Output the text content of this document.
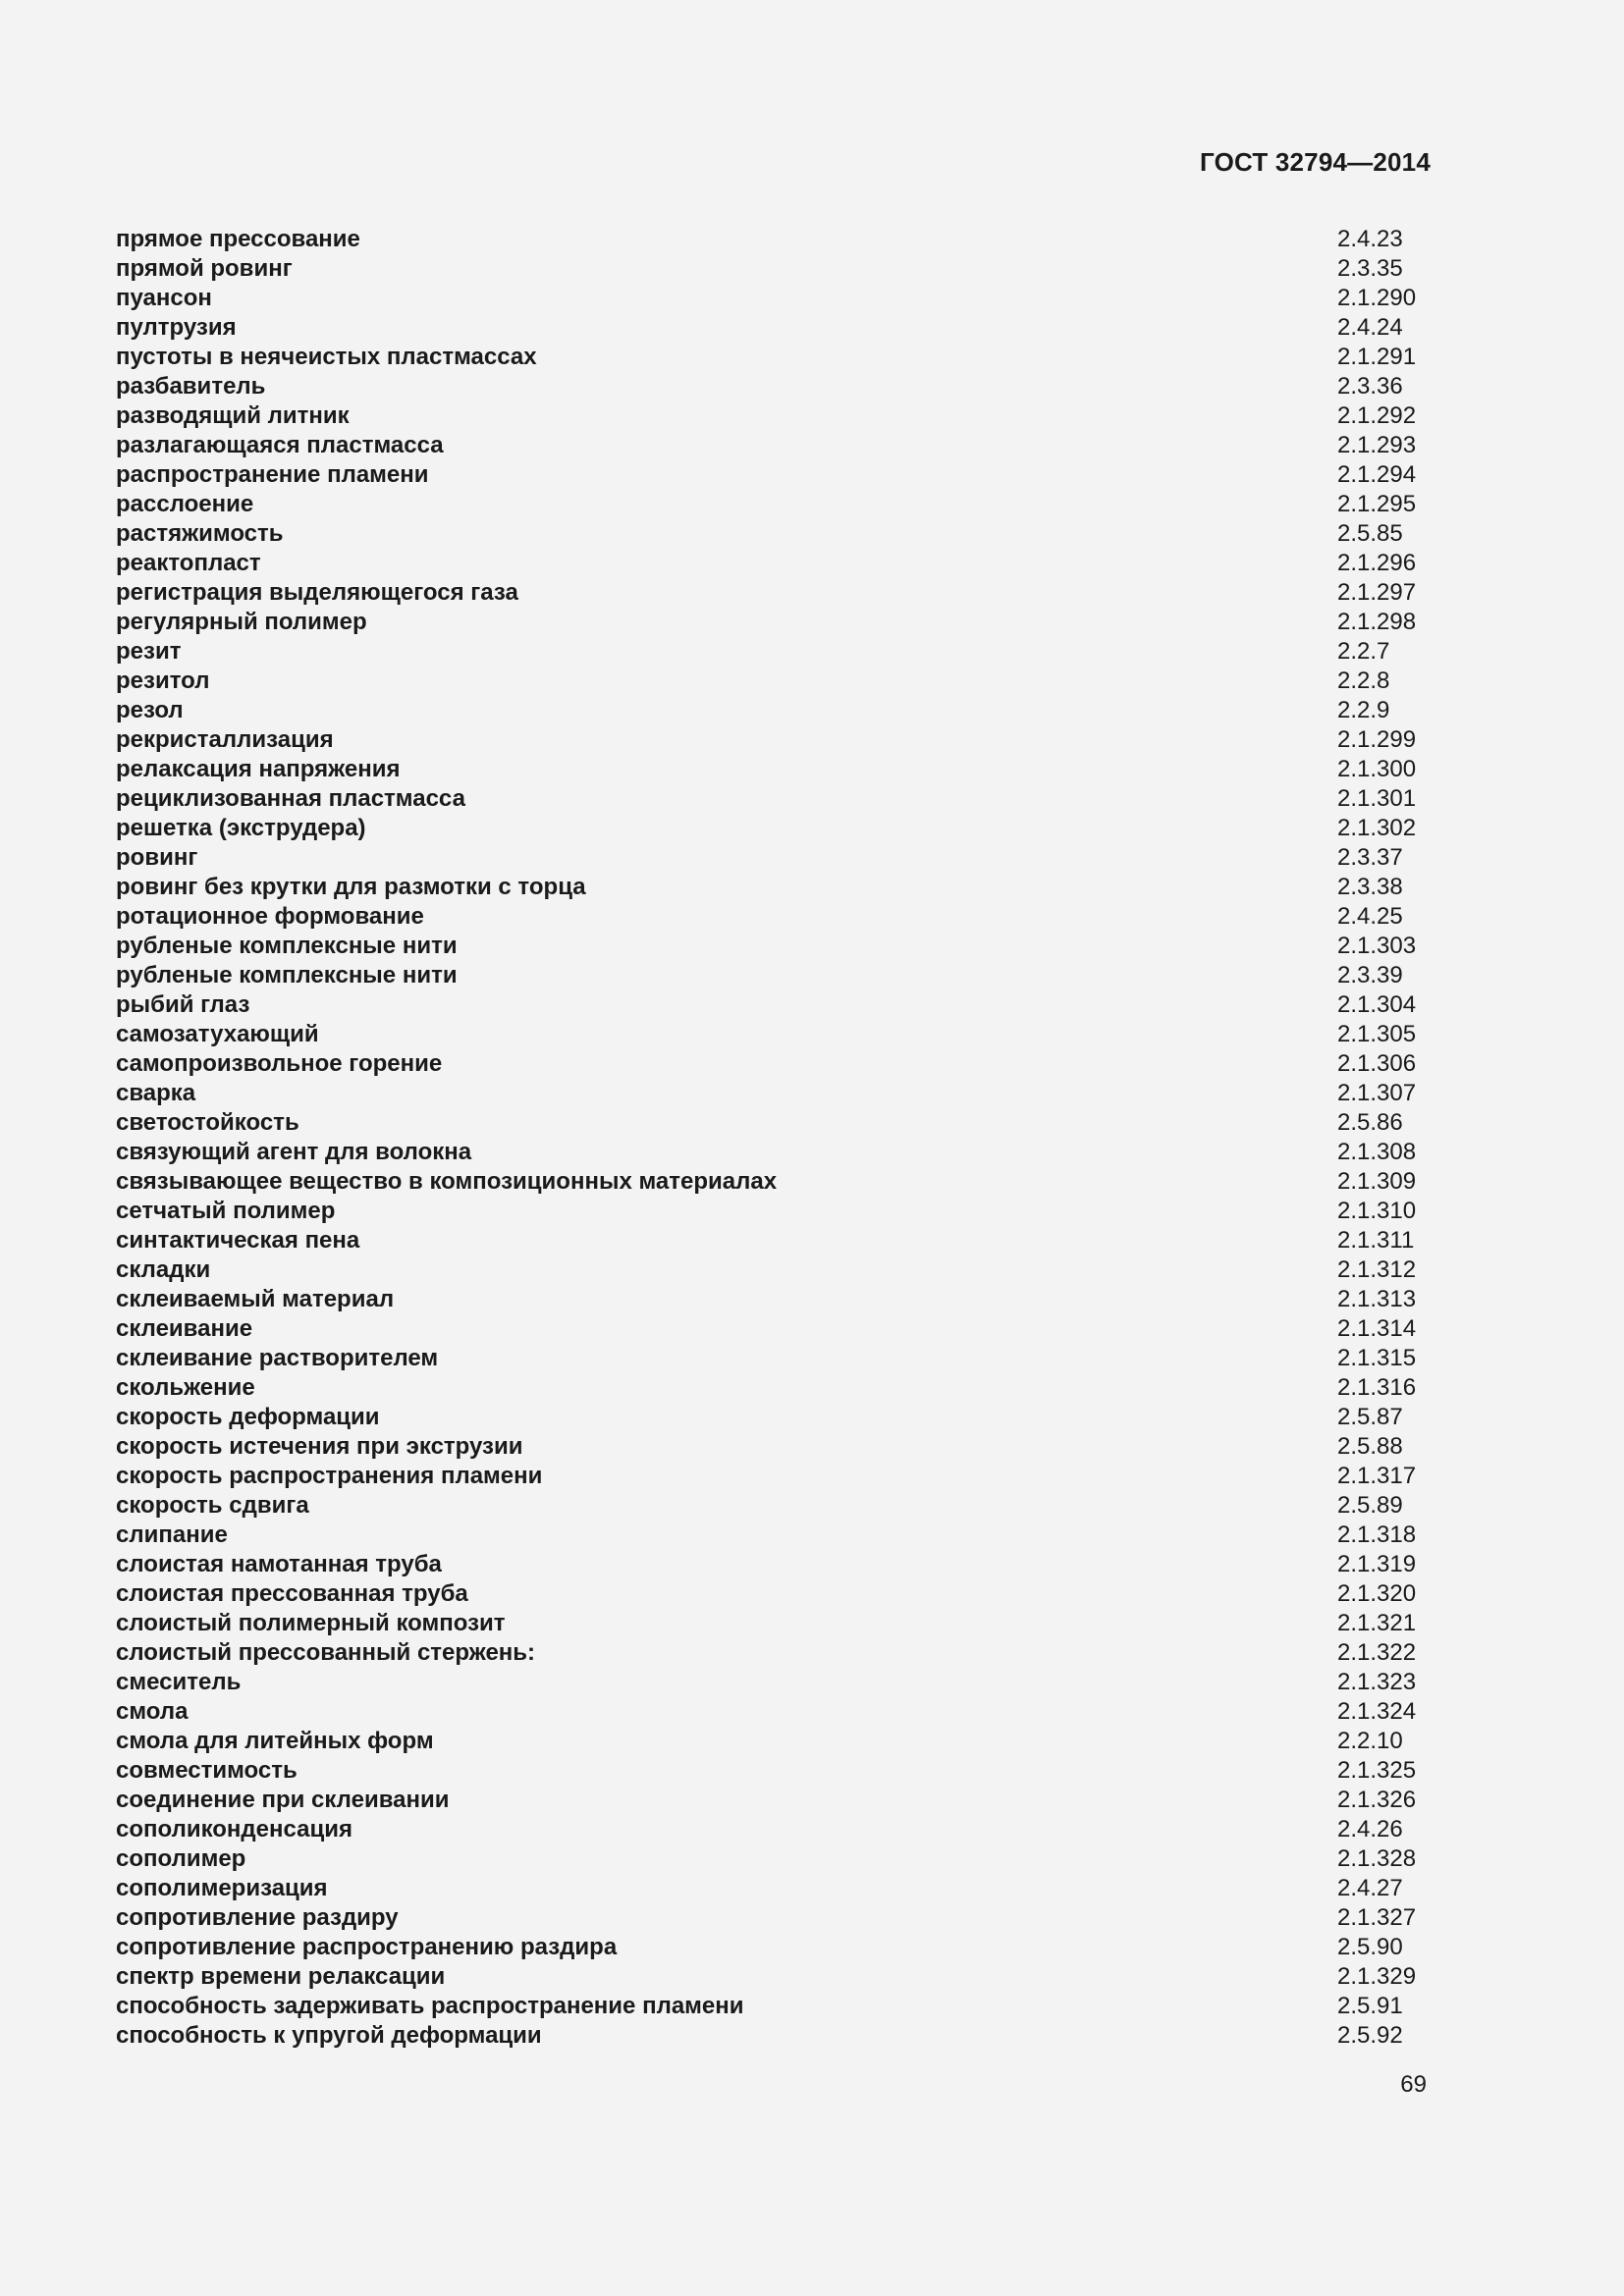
ГОСТ 32794—2014
прямое прессование	2.4.23
прямой ровинг	2.3.35
пуансон	2.1.290
пултрузия	2.4.24
пустоты в неячеистых пластмассах	2.1.291
разбавитель	2.3.36
разводящий литник	2.1.292
разлагающаяся пластмасса	2.1.293
распространение пламени	2.1.294
расслоение	2.1.295
растяжимость	2.5.85
реактопласт	2.1.296
регистрация выделяющегося газа	2.1.297
регулярный полимер	2.1.298
резит	2.2.7
резитол	2.2.8
резол	2.2.9
рекристаллизация	2.1.299
релаксация напряжения	2.1.300
рециклизованная пластмасса	2.1.301
решетка (экструдера)	2.1.302
ровинг	2.3.37
ровинг без крутки для размотки с торца	2.3.38
ротационное формование	2.4.25
рубленые комплексные нити	2.1.303
рубленые комплексные нити	2.3.39
рыбий глаз	2.1.304
самозатухающий	2.1.305
самопроизвольное горение	2.1.306
сварка	2.1.307
светостойкость	2.5.86
связующий агент для волокна	2.1.308
связывающее вещество в композиционных материалах	2.1.309
сетчатый полимер	2.1.310
синтактическая пена	2.1.311
складки	2.1.312
склеиваемый материал	2.1.313
склеивание	2.1.314
склеивание растворителем	2.1.315
скольжение	2.1.316
скорость деформации	2.5.87
скорость истечения при экструзии	2.5.88
скорость распространения пламени	2.1.317
скорость сдвига	2.5.89
слипание	2.1.318
слоистая намотанная труба	2.1.319
слоистая прессованная труба	2.1.320
слоистый полимерный композит	2.1.321
слоистый прессованный стержень:	2.1.322
смеситель	2.1.323
смола	2.1.324
смола для литейных форм	2.2.10
совместимость	2.1.325
соединение при склеивании	2.1.326
сополиконденсация	2.4.26
сополимер	2.1.328
сополимеризация	2.4.27
сопротивление раздиру	2.1.327
сопротивление распространению раздира	2.5.90
спектр времени релаксации	2.1.329
способность задерживать распространение пламени	2.5.91
способность к упругой деформации	2.5.92
69
